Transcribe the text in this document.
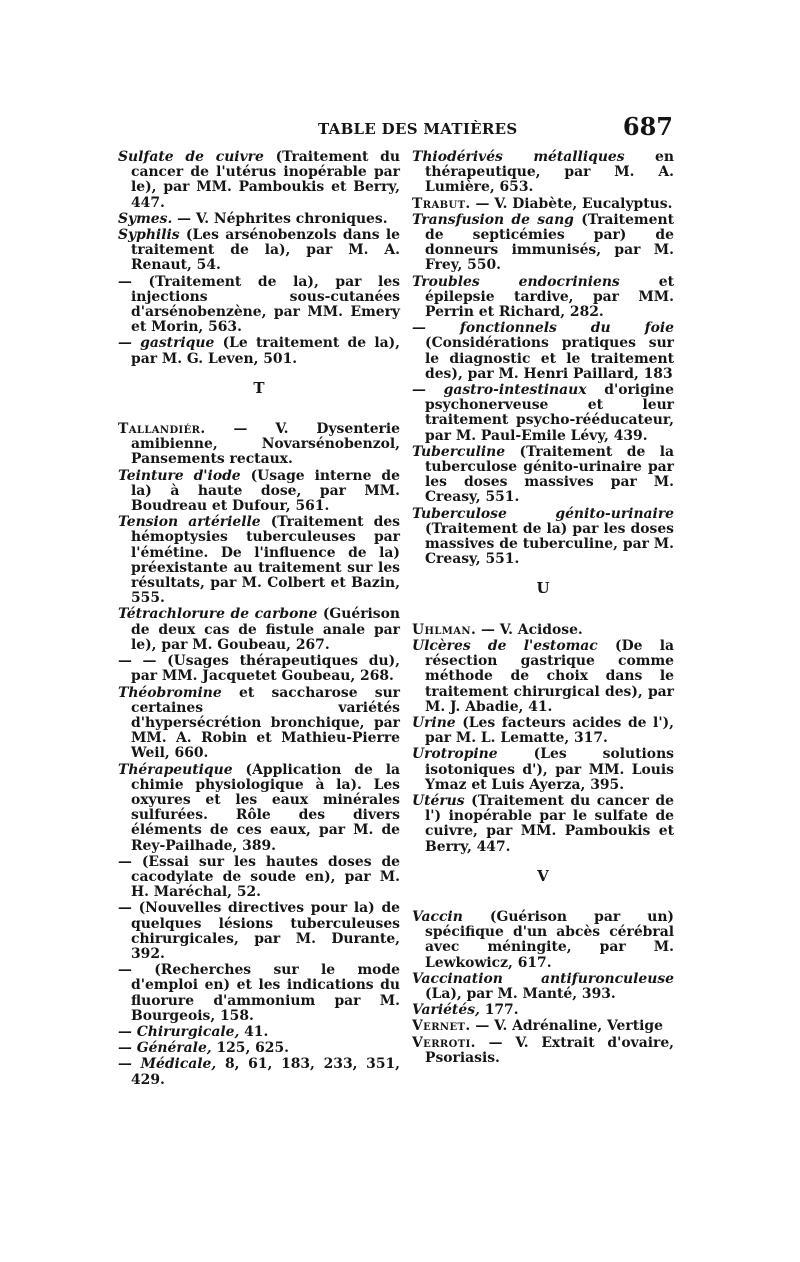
TABLE DES MATIÈRES	687
Sulfate de cuivre (Traitement du cancer de l'utérus inopérable par le), par MM. Pamboukis et Berry, 447.
Symes. — V. Néphrites chroniques.
Syphilis (Les arsénobenzols dans le traitement de la), par M. A. Renaut, 54.
— (Traitement de la), par les injections sous-cutanées d'arsénobenzène, par MM. Emery et Morin, 563.
— gastrique (Le traitement de la), par M. G. Leven, 501.
T
Tallandiér. — V. Dysenterie amibienne, Novarsénobenzol, Pansements rectaux.
Teinture d'iode (Usage interne de la) à haute dose, par MM. Boudreau et Dufour, 561.
Tension artérielle (Traitement des hémoptysies tuberculeuses par l'émétine. De l'influence de la) préexistante au traitement sur les résultats, par M. Colbert et Bazin, 555.
Tétrachlorure de carbone (Guérison de deux cas de fistule anale par le), par M. Goubeau, 267.
— — (Usages thérapeutiques du), par MM. Jacquetet Goubeau, 268.
Théobromine et saccharose sur certaines variétés d'hypersécrétion bronchique, par MM. A. Robin et Mathieu-Pierre Weil, 660.
Thérapeutique (Application de la chimie physiologique à la). Les oxyures et les eaux minérales sulfurées. Rôle des divers éléments de ces eaux, par M. de Rey-Pailhade, 389.
— (Essai sur les hautes doses de cacodylate de soude en), par M. H. Maréchal, 52.
— (Nouvelles directives pour la) de quelques lésions tuberculeuses chirurgicales, par M. Durante, 392.
— (Recherches sur le mode d'emploi en) et les indications du fluorure d'ammonium par M. Bourgeois, 158.
— Chirurgicale, 41.
— Générale, 125, 625.
— Médicale, 8, 61, 183, 233, 351, 429.
Thiodérivés métalliques en thérapeutique, par M. A. Lumière, 653.
Trabut. — V. Diabète, Eucalyptus.
Transfusion de sang (Traitement de septicémies par) de donneurs immunisés, par M. Frey, 550.
Troubles endocriniens et épilepsie tardive, par MM. Perrin et Richard, 282.
— fonctionnels du foie (Considérations pratiques sur le diagnostic et le traitement des), par M. Henri Paillard, 183
— gastro-intestinaux d'origine psychonerveuse et leur traitement psycho-rééducateur, par M. Paul-Emile Lévy, 439.
Tuberculine (Traitement de la tuberculose génito-urinaire par les doses massives par M. Creasy, 551.
Tuberculose génito-urinaire (Traitement de la) par les doses massives de tuberculine, par M. Creasy, 551.
U
Uhlman. — V. Acidose.
Ulcères de l'estomac (De la résection gastrique comme méthode de choix dans le traitement chirurgical des), par M. J. Abadie, 41.
Urine (Les facteurs acides de l'), par M. L. Lematte, 317.
Urotropine (Les solutions isotoniques d'), par MM. Louis Ymaz et Luis Ayerza, 395.
Utérus (Traitement du cancer de l') inopérable par le sulfate de cuivre, par MM. Pamboukis et Berry, 447.
V
Vaccin (Guérison par un) spécifique d'un abcès cérébral avec méningite, par M. Lewkowicz, 617.
Vaccination antifuronculeuse (La), par M. Manté, 393.
Variétés, 177.
Vernet. — V. Adrénaline, Vertige
Verroti. — V. Extrait d'ovaire, Psoriasis.
